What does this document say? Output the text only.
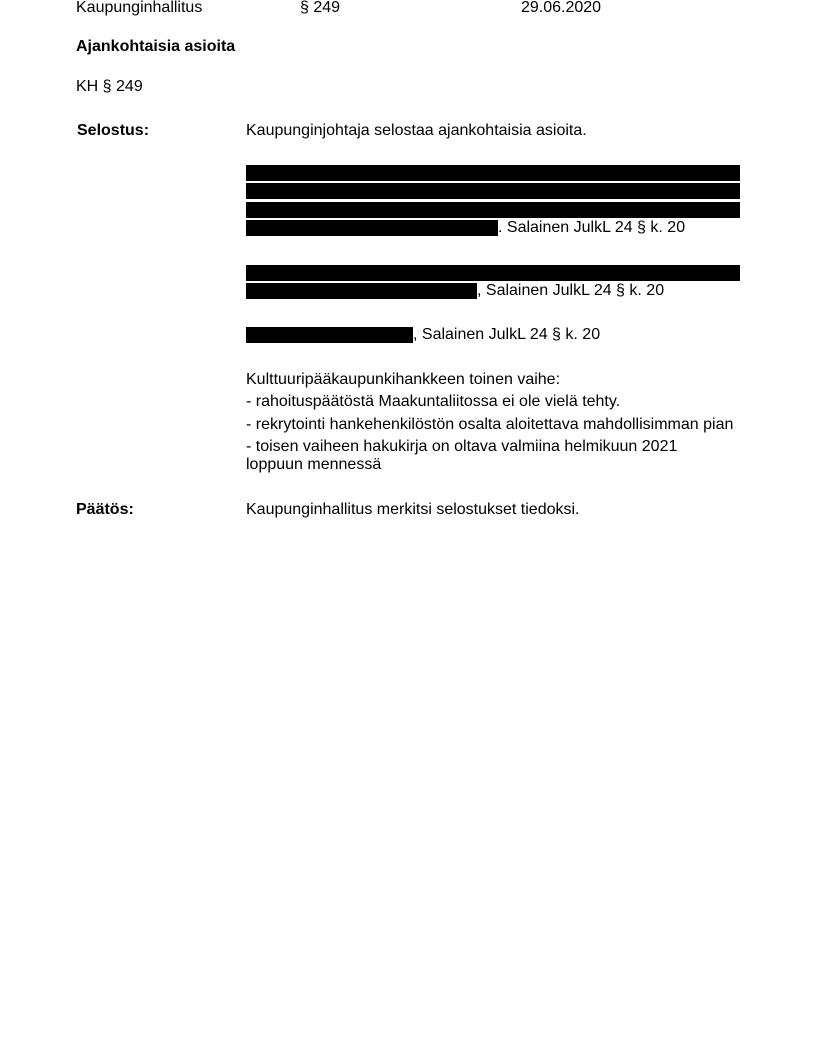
Kaupunginhallitus	§ 249	29.06.2020
Ajankohtaisia asioita
KH § 249
Selostus:	Kaupunginjohtaja selostaa ajankohtaisia asioita.
. Salainen JulkL 24 § k. 20
, Salainen JulkL 24 § k. 20
, Salainen JulkL 24 § k. 20
Kulttuuripääkaupunkihankkeen toinen vaihe:
- rahoituspäätöstä Maakuntaliitossa ei ole vielä tehty.
- rekrytointi hankehenkilöstön osalta aloitettava mahdollisimman pian
- toisen vaiheen hakukirja on oltava valmiina helmikuun 2021
loppuun mennessä
Päätös:	Kaupunginhallitus merkitsi selostukset tiedoksi.
